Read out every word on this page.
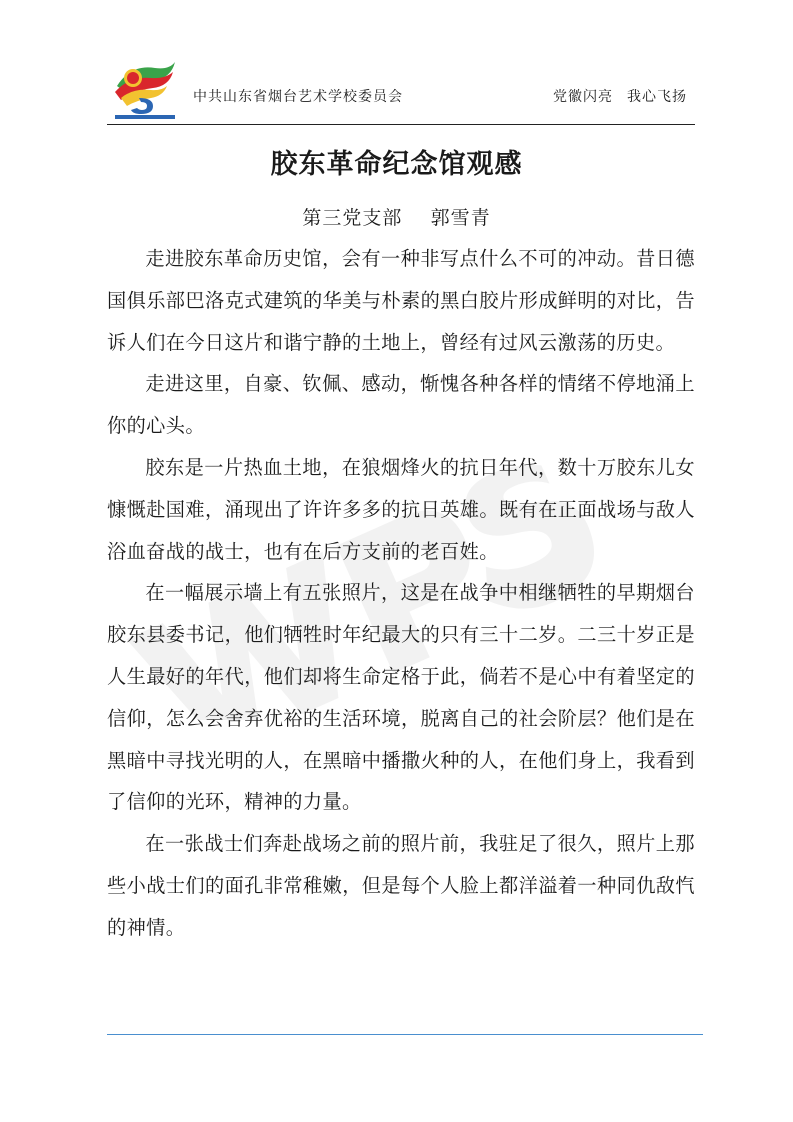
中共山东省烟台艺术学校委员会	党徽闪亮 我心飞扬
胶东革命纪念馆观感
第三党支部    郭雪青

走进胶东革命历史馆，会有一种非写点什么不可的冲动。昔日德国俱乐部巴洛克式建筑的华美与朴素的黑白胶片形成鲜明的对比，告诉人们在今日这片和谐宁静的土地上，曾经有过风云激荡的历史。

走进这里，自豪、钦佩、感动，惭愧各种各样的情绪不停地涌上你的心头。

胶东是一片热血土地，在狼烟烽火的抗日年代，数十万胶东儿女慷慨赴国难，涌现出了许许多多的抗日英雄。既有在正面战场与敌人浴血奋战的战士，也有在后方支前的老百姓。

在一幅展示墙上有五张照片，这是在战争中相继牺牲的早期烟台胶东县委书记，他们牺牲时年纪最大的只有三十二岁。二三十岁正是人生最好的年代，他们却将生命定格于此，倘若不是心中有着坚定的信仰，怎么会舍弃优裕的生活环境，脱离自己的社会阶层？他们是在黑暗中寻找光明的人，在黑暗中播撒火种的人，在他们身上，我看到了信仰的光环，精神的力量。

在一张战士们奔赴战场之前的照片前，我驻足了很久，照片上那些小战士们的面孔非常稚嫩，但是每个人脸上都洋溢着一种同仇敌忾的神情。
